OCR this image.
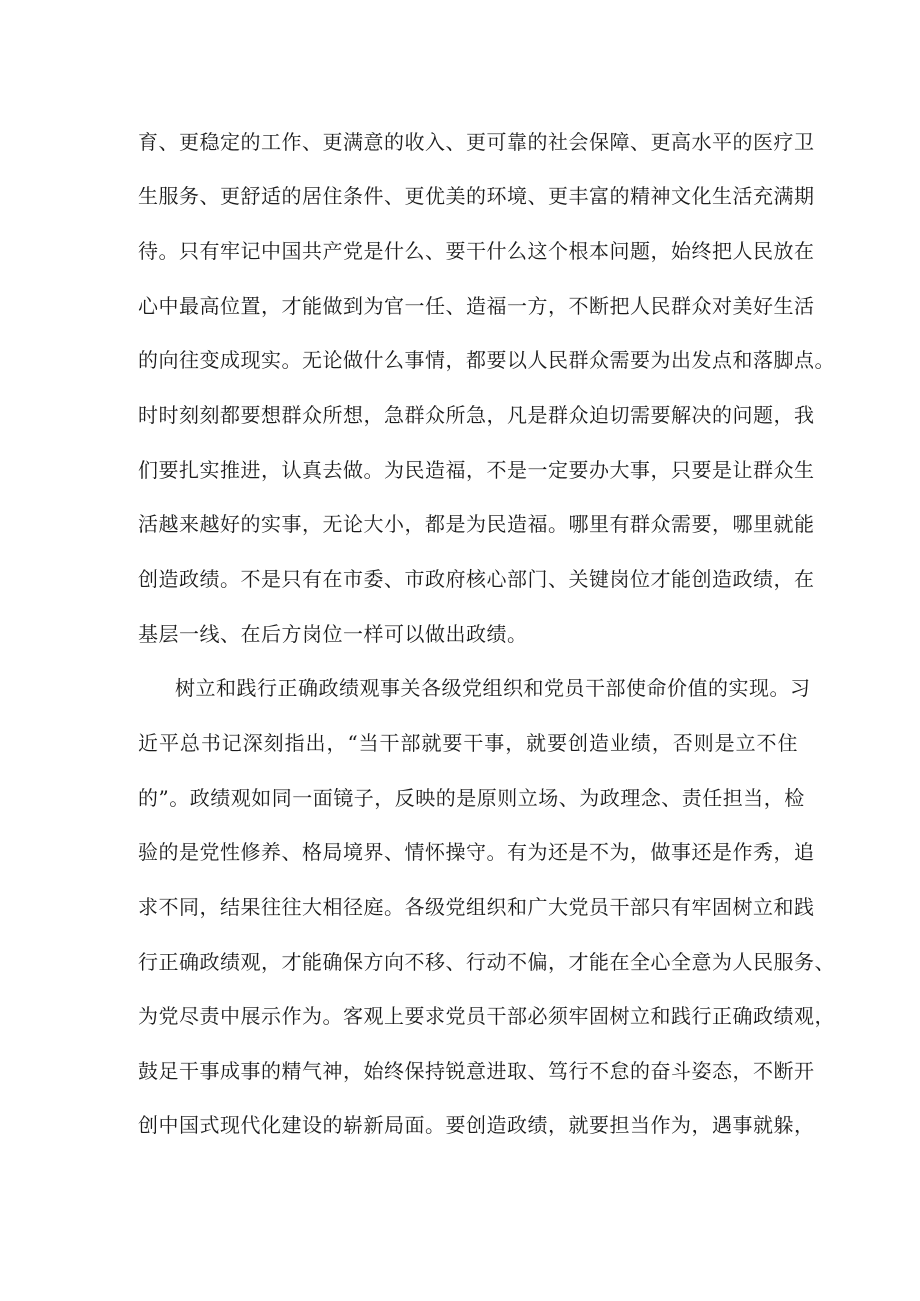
育、更稳定的工作、更满意的收入、更可靠的社会保障、更高水平的医疗卫
生服务、更舒适的居住条件、更优美的环境、更丰富的精神文化生活充满期
待。只有牢记中国共产党是什么、要干什么这个根本问题，始终把人民放在
心中最高位置，才能做到为官一任、造福一方，不断把人民群众对美好生活
的向往变成现实。无论做什么事情，都要以人民群众需要为出发点和落脚点。
时时刻刻都要想群众所想，急群众所急，凡是群众迫切需要解决的问题，我
们要扎实推进，认真去做。为民造福，不是一定要办大事，只要是让群众生
活越来越好的实事，无论大小，都是为民造福。哪里有群众需要，哪里就能
创造政绩。不是只有在市委、市政府核心部门、关键岗位才能创造政绩，在
基层一线、在后方岗位一样可以做出政绩。
树立和践行正确政绩观事关各级党组织和党员干部使命价值的实现。习
近平总书记深刻指出，“当干部就要干事，就要创造业绩，否则是立不住
的”。政绩观如同一面镜子，反映的是原则立场、为政理念、责任担当，检
验的是党性修养、格局境界、情怀操守。有为还是不为，做事还是作秀，追
求不同，结果往往大相径庭。各级党组织和广大党员干部只有牢固树立和践
行正确政绩观，才能确保方向不移、行动不偏，才能在全心全意为人民服务、
为党尽责中展示作为。客观上要求党员干部必须牢固树立和践行正确政绩观，
鼓足干事成事的精气神，始终保持锐意进取、笃行不怠的奋斗姿态，不断开
创中国式现代化建设的崭新局面。要创造政绩，就要担当作为，遇事就躲，
